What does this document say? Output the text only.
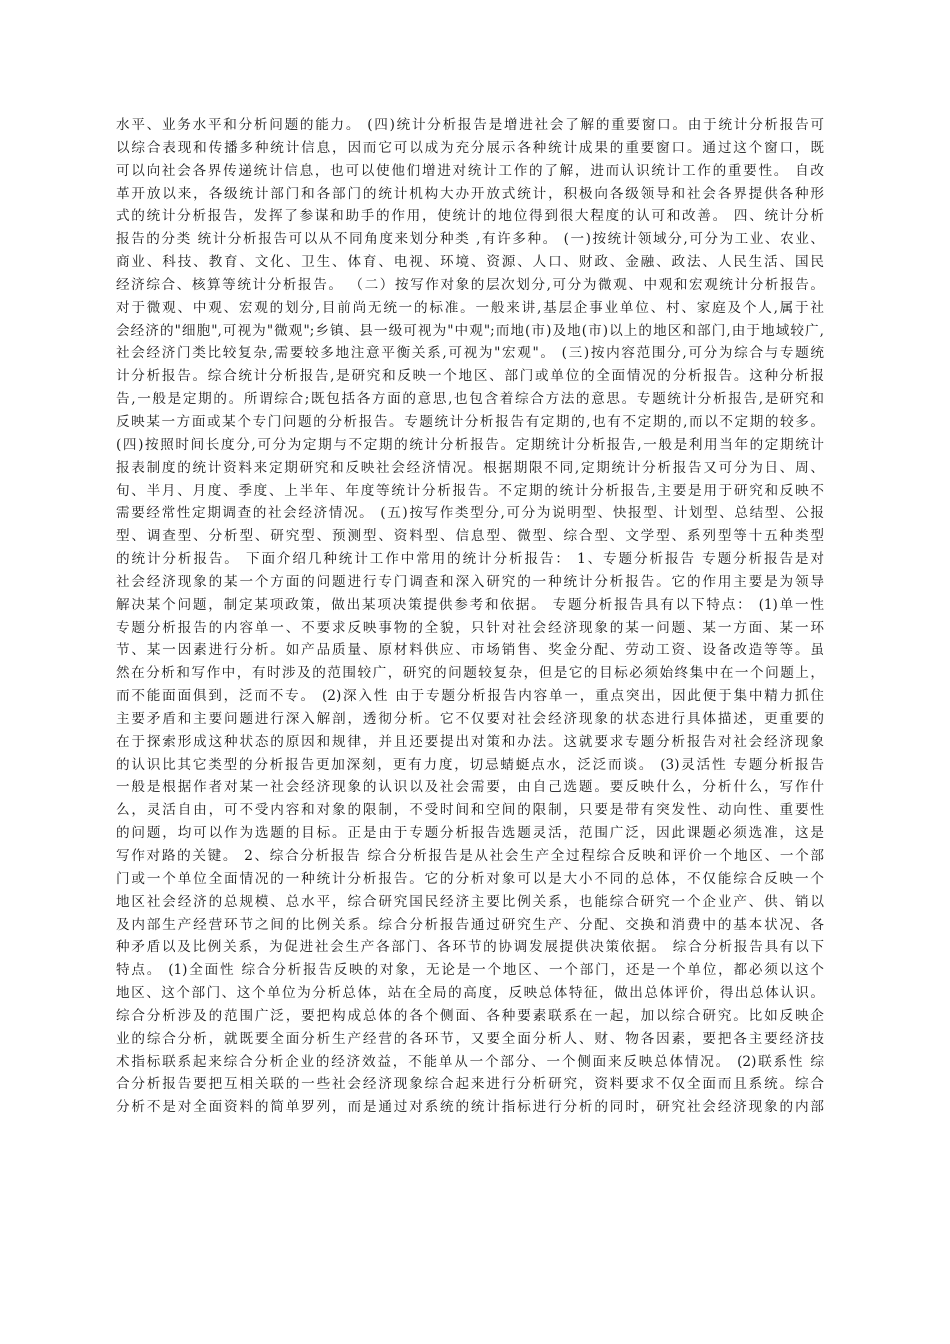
水平、业务水平和分析问题的能力。 (四)统计分析报告是增进社会了解的重要窗口。由于统计分析报告可
以综合表现和传播多种统计信息，因而它可以成为充分展示各种统计成果的重要窗口。通过这个窗口，既
可以向社会各界传递统计信息，也可以使他们增进对统计工作的了解，进而认识统计工作的重要性。 自改
革开放以来，各级统计部门和各部门的统计机构大办开放式统计，积极向各级领导和社会各界提供各种形
式的统计分析报告，发挥了参谋和助手的作用，使统计的地位得到很大程度的认可和改善。 四、统计分析
报告的分类 统计分析报告可以从不同角度来划分种类 ,有许多种。 (一)按统计领域分,可分为工业、农业、
商业、科技、教育、文化、卫生、体育、电视、环境、资源、人口、财政、金融、政法、人民生活、国民
经济综合、核算等统计分析报告。 （二）按写作对象的层次划分,可分为微观、中观和宏观统计分析报告。
对于微观、中观、宏观的划分,目前尚无统一的标准。一般来讲,基层企事业单位、村、家庭及个人,属于社
会经济的"细胞",可视为"微观";乡镇、县一级可视为"中观";而地(市)及地(市)以上的地区和部门,由于地域较广,
社会经济门类比较复杂,需要较多地注意平衡关系,可视为"宏观"。 (三)按内容范围分,可分为综合与专题统
计分析报告。综合统计分析报告,是研究和反映一个地区、部门或单位的全面情况的分析报告。这种分析报
告,一般是定期的。所谓综合;既包括各方面的意思,也包含着综合方法的意思。专题统计分析报告,是研究和
反映某一方面或某个专门问题的分析报告。专题统计分析报告有定期的,也有不定期的,而以不定期的较多。
(四)按照时间长度分,可分为定期与不定期的统计分析报告。定期统计分析报告,一般是利用当年的定期统计
报表制度的统计资料来定期研究和反映社会经济情况。根据期限不同,定期统计分析报告又可分为日、周、
旬、半月、月度、季度、上半年、年度等统计分析报告。不定期的统计分析报告,主要是用于研究和反映不
需要经常性定期调查的社会经济情况。 (五)按写作类型分,可分为说明型、快报型、计划型、总结型、公报
型、调查型、分析型、研究型、预测型、资料型、信息型、微型、综合型、文学型、系列型等十五种类型
的统计分析报告。 下面介绍几种统计工作中常用的统计分析报告： 1、专题分析报告 专题分析报告是对
社会经济现象的某一个方面的问题进行专门调查和深入研究的一种统计分析报告。它的作用主要是为领导
解决某个问题，制定某项政策，做出某项决策提供参考和依据。 专题分析报告具有以下特点： (1)单一性
专题分析报告的内容单一、不要求反映事物的全貌，只针对社会经济现象的某一问题、某一方面、某一环
节、某一因素进行分析。如产品质量、原材料供应、市场销售、奖金分配、劳动工资、设备改造等等。虽
然在分析和写作中，有时涉及的范围较广，研究的问题较复杂，但是它的目标必须始终集中在一个问题上，
而不能面面俱到，泛而不专。 (2)深入性 由于专题分析报告内容单一，重点突出，因此便于集中精力抓住
主要矛盾和主要问题进行深入解剖，透彻分析。它不仅要对社会经济现象的状态进行具体描述，更重要的
在于探索形成这种状态的原因和规律，并且还要提出对策和办法。这就要求专题分析报告对社会经济现象
的认识比其它类型的分析报告更加深刻，更有力度，切忌蜻蜓点水，泛泛而谈。 (3)灵活性 专题分析报告
一般是根据作者对某一社会经济现象的认识以及社会需要，由自己选题。要反映什么，分析什么，写作什
么，灵活自由，可不受内容和对象的限制，不受时间和空间的限制，只要是带有突发性、动向性、重要性
的问题，均可以作为选题的目标。正是由于专题分析报告选题灵活，范围广泛，因此课题必须选准，这是
写作对路的关键。 2、综合分析报告 综合分析报告是从社会生产全过程综合反映和评价一个地区、一个部
门或一个单位全面情况的一种统计分析报告。它的分析对象可以是大小不同的总体，不仅能综合反映一个
地区社会经济的总规模、总水平，综合研究国民经济主要比例关系，也能综合研究一个企业产、供、销以
及内部生产经营环节之间的比例关系。综合分析报告通过研究生产、分配、交换和消费中的基本状况、各
种矛盾以及比例关系，为促进社会生产各部门、各环节的协调发展提供决策依据。 综合分析报告具有以下
特点。 (1)全面性 综合分析报告反映的对象，无论是一个地区、一个部门，还是一个单位，都必须以这个
地区、这个部门、这个单位为分析总体，站在全局的高度，反映总体特征，做出总体评价，得出总体认识。
综合分析涉及的范围广泛，要把构成总体的各个侧面、各种要素联系在一起，加以综合研究。比如反映企
业的综合分析，就既要全面分析生产经营的各环节，又要全面分析人、财、物各因素，要把各主要经济技
术指标联系起来综合分析企业的经济效益，不能单从一个部分、一个侧面来反映总体情况。 (2)联系性 综
合分析报告要把互相关联的一些社会经济现象综合起来进行分析研究，资料要求不仅全面而且系统。综合
分析不是对全面资料的简单罗列，而是通过对系统的统计指标进行分析的同时，研究社会经济现象的内部
